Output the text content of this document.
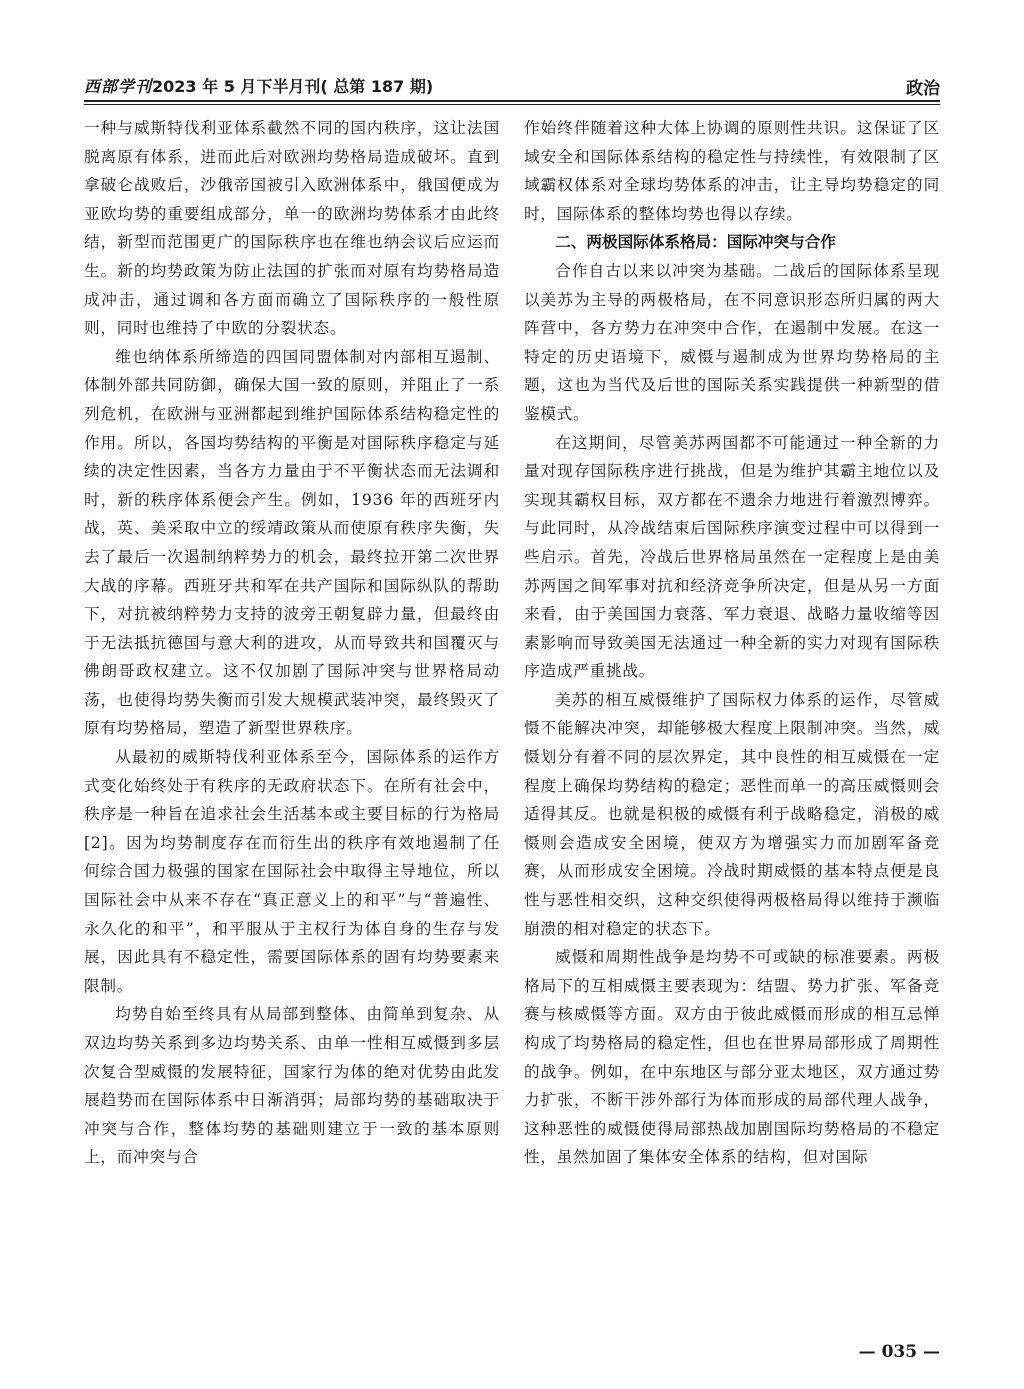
西部学刊2023 年 5 月下半月刊( 总第 187 期)	政治

一种与威斯特伐利亚体系截然不同的国内秩序，这让法国脱离原有体系，进而此后对欧洲均势格局造成破坏。直到拿破仑战败后，沙俄帝国被引入欧洲体系中，俄国便成为亚欧均势的重要组成部分，单一的欧洲均势体系才由此终结，新型而范围更广的国际秩序也在维也纳会议后应运而生。新的均势政策为防止法国的扩张而对原有均势格局造成冲击，通过调和各方面而确立了国际秩序的一般性原则，同时也维持了中欧的分裂状态。

维也纳体系所缔造的四国同盟体制对内部相互遏制、体制外部共同防御，确保大国一致的原则，并阻止了一系列危机，在欧洲与亚洲都起到维护国际体系结构稳定性的作用。所以，各国均势结构的平衡是对国际秩序稳定与延续的决定性因素，当各方力量由于不平衡状态而无法调和时，新的秩序体系便会产生。例如，1936 年的西班牙内战，英、美采取中立的绥靖政策从而使原有秩序失衡，失去了最后一次遏制纳粹势力的机会，最终拉开第二次世界大战的序幕。西班牙共和军在共产国际和国际纵队的帮助下，对抗被纳粹势力支持的波旁王朝复辟力量，但最终由于无法抵抗德国与意大利的进攻，从而导致共和国覆灭与佛朗哥政权建立。这不仅加剧了国际冲突与世界格局动荡，也使得均势失衡而引发大规模武装冲突，最终毁灭了原有均势格局，塑造了新型世界秩序。

从最初的威斯特伐利亚体系至今，国际体系的运作方式变化始终处于有秩序的无政府状态下。在所有社会中，秩序是一种旨在追求社会生活基本或主要目标的行为格局[2]。因为均势制度存在而衍生出的秩序有效地遏制了任何综合国力极强的国家在国际社会中取得主导地位，所以国际社会中从来不存在“真正意义上的和平”与“普遍性、永久化的和平”，和平服从于主权行为体自身的生存与发展，因此具有不稳定性，需要国际体系的固有均势要素来限制。

均势自始至终具有从局部到整体、由简单到复杂、从双边均势关系到多边均势关系、由单一性相互威慑到多层次复合型威慑的发展特征，国家行为体的绝对优势由此发展趋势而在国际体系中日渐消弭；局部均势的基础取决于冲突与合作，整体均势的基础则建立于一致的基本原则上，而冲突与合

作始终伴随着这种大体上协调的原则性共识。这保证了区域安全和国际体系结构的稳定性与持续性，有效限制了区域霸权体系对全球均势体系的冲击，让主导均势稳定的同时，国际体系的整体均势也得以存续。

二、两极国际体系格局：国际冲突与合作

合作自古以来以冲突为基础。二战后的国际体系呈现以美苏为主导的两极格局，在不同意识形态所归属的两大阵营中，各方势力在冲突中合作，在遏制中发展。在这一特定的历史语境下，威慑与遏制成为世界均势格局的主题，这也为当代及后世的国际关系实践提供一种新型的借鉴模式。

在这期间，尽管美苏两国都不可能通过一种全新的力量对现存国际秩序进行挑战，但是为维护其霸主地位以及实现其霸权目标，双方都在不遗余力地进行着激烈博弈。与此同时，从冷战结束后国际秩序演变过程中可以得到一些启示。首先，冷战后世界格局虽然在一定程度上是由美苏两国之间军事对抗和经济竞争所决定，但是从另一方面来看，由于美国国力衰落、军力衰退、战略力量收缩等因素影响而导致美国无法通过一种全新的实力对现有国际秩序造成严重挑战。

美苏的相互威慑维护了国际权力体系的运作，尽管威慑不能解决冲突，却能够极大程度上限制冲突。当然，威慑划分有着不同的层次界定，其中良性的相互威慑在一定程度上确保均势结构的稳定；恶性而单一的高压威慑则会适得其反。也就是积极的威慑有利于战略稳定，消极的威慑则会造成安全困境，使双方为增强实力而加剧军备竞赛，从而形成安全困境。冷战时期威慑的基本特点便是良性与恶性相交织，这种交织使得两极格局得以维持于濒临崩溃的相对稳定的状态下。

威慑和周期性战争是均势不可或缺的标准要素。两极格局下的互相威慑主要表现为：结盟、势力扩张、军备竞赛与核威慑等方面。双方由于彼此威慑而形成的相互忌惮构成了均势格局的稳定性，但也在世界局部形成了周期性的战争。例如，在中东地区与部分亚太地区，双方通过势力扩张，不断干涉外部行为体而形成的局部代理人战争，这种恶性的威慑使得局部热战加剧国际均势格局的不稳定性，虽然加固了集体安全体系的结构，但对国际

— 035 —
